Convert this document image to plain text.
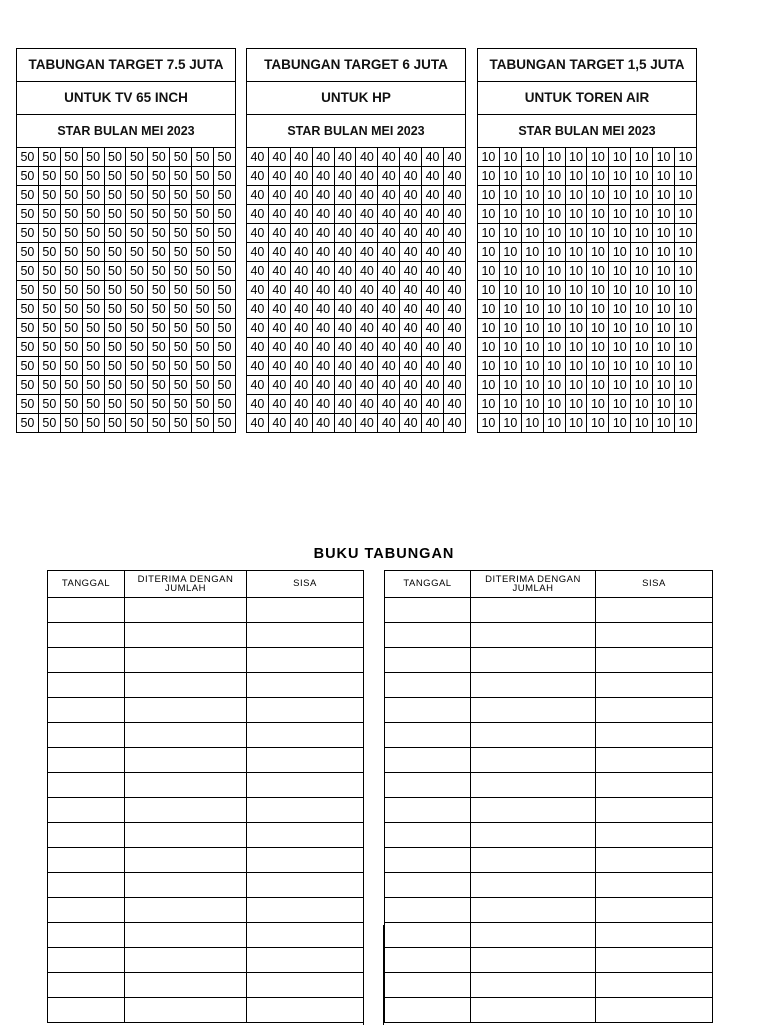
TABUNGAN TARGET 7.5 JUTA
UNTUK TV 65 INCH
STAR BULAN MEI 2023
50	50	50	50	50	50	50	50	50	50
50	50	50	50	50	50	50	50	50	50
50	50	50	50	50	50	50	50	50	50
50	50	50	50	50	50	50	50	50	50
50	50	50	50	50	50	50	50	50	50
50	50	50	50	50	50	50	50	50	50
50	50	50	50	50	50	50	50	50	50
50	50	50	50	50	50	50	50	50	50
50	50	50	50	50	50	50	50	50	50
50	50	50	50	50	50	50	50	50	50
50	50	50	50	50	50	50	50	50	50
50	50	50	50	50	50	50	50	50	50
50	50	50	50	50	50	50	50	50	50
50	50	50	50	50	50	50	50	50	50
50	50	50	50	50	50	50	50	50	50
TABUNGAN TARGET 6 JUTA
UNTUK HP
STAR BULAN MEI 2023
40	40	40	40	40	40	40	40	40	40
40	40	40	40	40	40	40	40	40	40
40	40	40	40	40	40	40	40	40	40
40	40	40	40	40	40	40	40	40	40
40	40	40	40	40	40	40	40	40	40
40	40	40	40	40	40	40	40	40	40
40	40	40	40	40	40	40	40	40	40
40	40	40	40	40	40	40	40	40	40
40	40	40	40	40	40	40	40	40	40
40	40	40	40	40	40	40	40	40	40
40	40	40	40	40	40	40	40	40	40
40	40	40	40	40	40	40	40	40	40
40	40	40	40	40	40	40	40	40	40
40	40	40	40	40	40	40	40	40	40
40	40	40	40	40	40	40	40	40	40
TABUNGAN TARGET 1,5 JUTA
UNTUK TOREN AIR
STAR BULAN MEI 2023
10	10	10	10	10	10	10	10	10	10
10	10	10	10	10	10	10	10	10	10
10	10	10	10	10	10	10	10	10	10
10	10	10	10	10	10	10	10	10	10
10	10	10	10	10	10	10	10	10	10
10	10	10	10	10	10	10	10	10	10
10	10	10	10	10	10	10	10	10	10
10	10	10	10	10	10	10	10	10	10
10	10	10	10	10	10	10	10	10	10
10	10	10	10	10	10	10	10	10	10
10	10	10	10	10	10	10	10	10	10
10	10	10	10	10	10	10	10	10	10
10	10	10	10	10	10	10	10	10	10
10	10	10	10	10	10	10	10	10	10
10	10	10	10	10	10	10	10	10	10
BUKU TABUNGAN
TANGGAL	DITERIMA DENGAN JUMLAH	SISA

			TANGGAL	DITERIMA DENGAN JUMLAH	SISA
